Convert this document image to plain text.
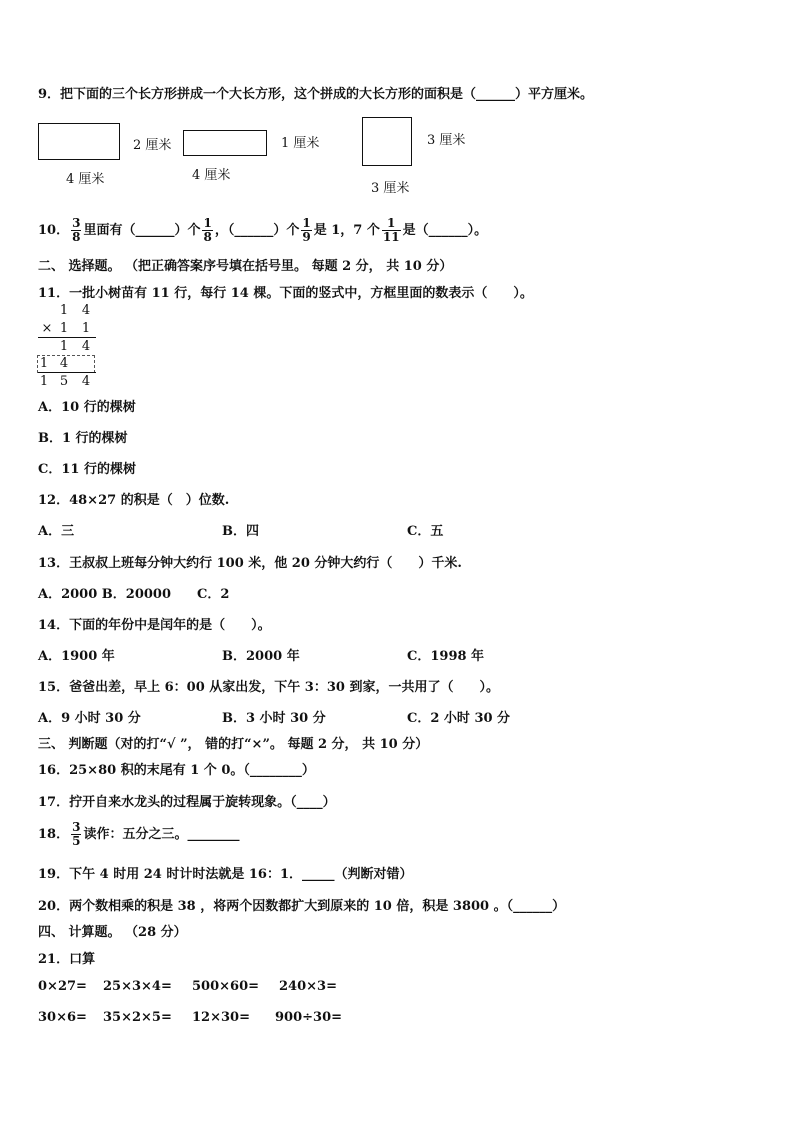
9．把下面的三个长方形拼成一个大长方形，这个拼成的大长方形的面积是（______）平方厘米。
2 厘米
4 厘米
1 厘米
4 厘米
3 厘米
3 厘米
10． $\frac{3}{8}$ 里面有（______）个 $\frac{1}{8}$ ，（______）个 $\frac{1}{9}$ 是 1，7 个 $\frac{1}{11}$ 是（______）。
二、 选择题。 （把正确答案序号填在括号里。 每题 2 分， 共 10 分）
11．一批小树苗有 11 行，每行 14 棵。下面的竖式中，方框里面的数表示（　　）。
1 4
× 1 1
1 4
1 4
1 5 4
A．10 行的棵树
B．1 行的棵树
C．11 行的棵树
12．48×27 的积是（　）位数.
A．三	B．四	C．五
13．王叔叔上班每分钟大约行 100 米，他 20 分钟大约行（　　）千米.
A．2000 B．20000　　C．2
14．下面的年份中是闰年的是（　　）。
A．1900 年	B．2000 年	C．1998 年
15．爸爸出差，早上 6：00 从家出发，下午 3：30 到家，一共用了（　　）。
A．9 小时 30 分	B．3 小时 30 分	C．2 小时 30 分
三、 判断题（对的打“√ ”， 错的打“×”。 每题 2 分， 共 10 分）
16．25×80 积的末尾有 1 个 0。（________）
17．拧开自来水龙头的过程属于旋转现象。（____）
18． $\frac{3}{5}$ 读作：五分之三。________
19．下午 4 时用 24 时计时法就是 16：1．_____（判断对错）
20．两个数相乘的积是 38 ，将两个因数都扩大到原来的 10 倍，积是 3800 。（______）
四、 计算题。 （28 分）
21．口算
0×27= 25×3×4= 500×60= 240×3=
30×6= 35×2×5= 12×30= 900÷30=
